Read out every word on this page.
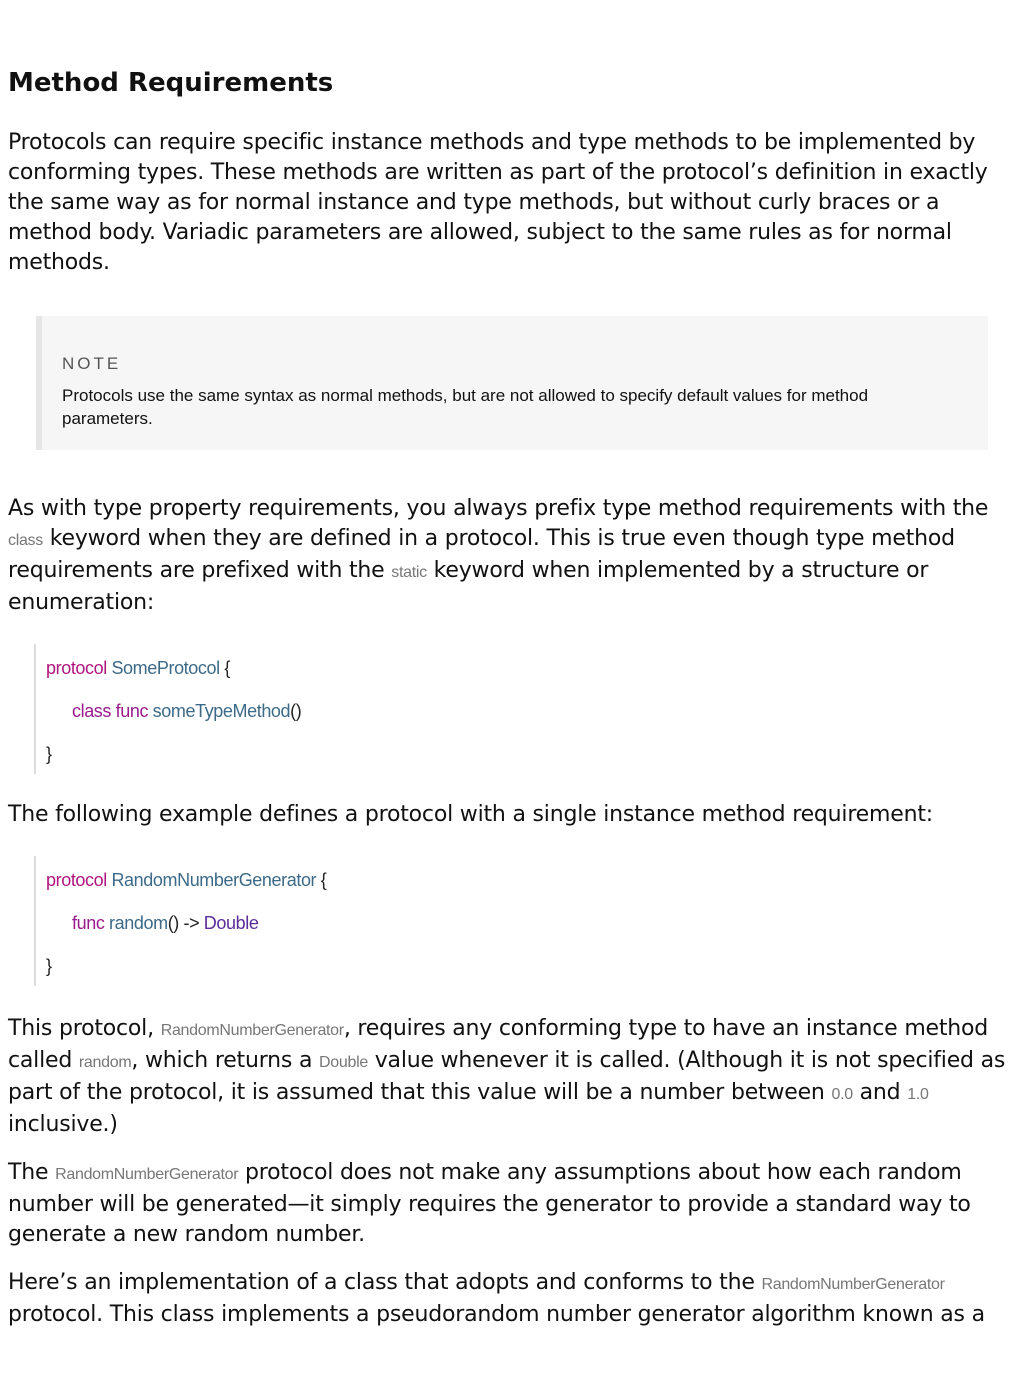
Method Requirements

Protocols can require specific instance methods and type methods to be implemented by conforming types. These methods are written as part of the protocol’s definition in exactly the same way as for normal instance and type methods, but without curly braces or a method body. Variadic parameters are allowed, subject to the same rules as for normal methods.

NOTE
Protocols use the same syntax as normal methods, but are not allowed to specify default values for method parameters.

As with type property requirements, you always prefix type method requirements with the class keyword when they are defined in a protocol. This is true even though type method requirements are prefixed with the static keyword when implemented by a structure or enumeration:

protocol SomeProtocol {
class func someTypeMethod()
}

The following example defines a protocol with a single instance method requirement:

protocol RandomNumberGenerator {
func random() -> Double
}

This protocol, RandomNumberGenerator, requires any conforming type to have an instance method called random, which returns a Double value whenever it is called. (Although it is not specified as part of the protocol, it is assumed that this value will be a number between 0.0 and 1.0 inclusive.)

The RandomNumberGenerator protocol does not make any assumptions about how each random number will be generated—it simply requires the generator to provide a standard way to generate a new random number.

Here’s an implementation of a class that adopts and conforms to the RandomNumberGenerator protocol. This class implements a pseudorandom number generator algorithm known as a
